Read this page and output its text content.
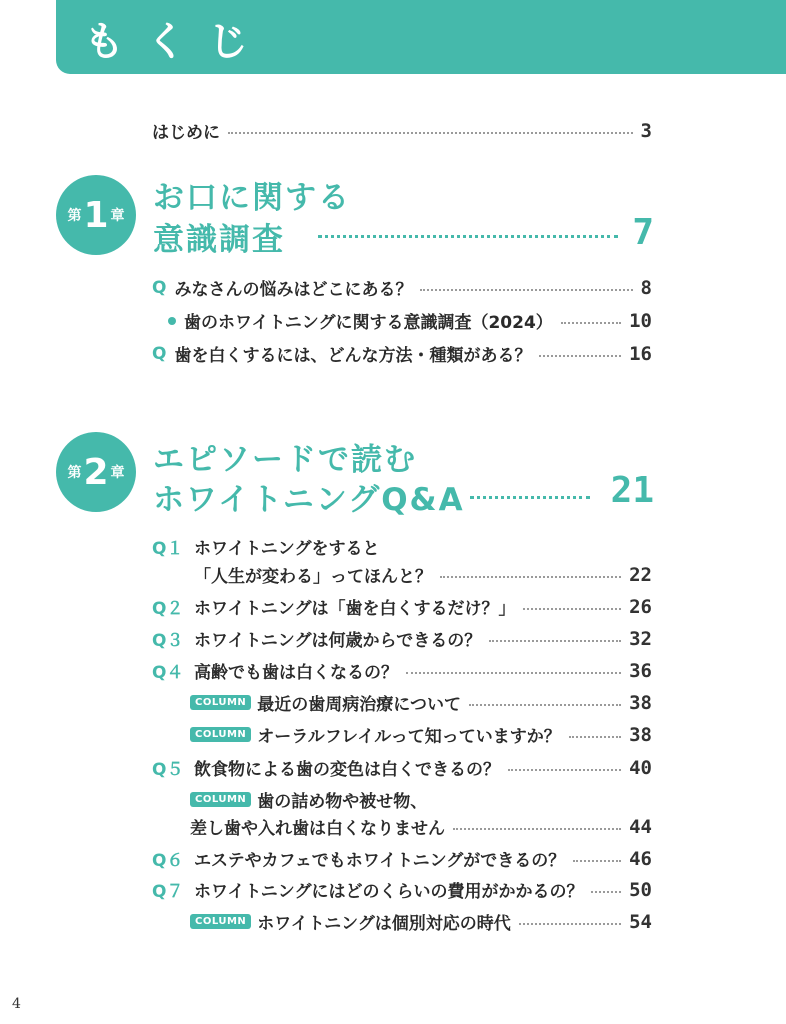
もくじ
はじめに	3
第 1 章 お口に関する
意識調査	7
Q みなさんの悩みはどこにある？	8
歯のホワイトニングに関する意識調査（2024）	10
Q 歯を白くするには、どんな方法・種類がある？	16
第 2 章 エピソードで読む
ホワイトニングQ&A	21
Q１ ホワイトニングをすると
「人生が変わる」ってほんと？	22
Q２ ホワイトニングは「歯を白くするだけ？」	26
Q３ ホワイトニングは何歳からできるの？	32
Q４ 高齢でも歯は白くなるの？	36
COLUMN 最近の歯周病治療について	38
COLUMN オーラルフレイルって知っていますか？	38
Q５ 飲食物による歯の変色は白くできるの？	40
COLUMN 歯の詰め物や被せ物、
差し歯や入れ歯は白くなりません	44
Q６ エステやカフェでもホワイトニングができるの？	46
Q７ ホワイトニングにはどのくらいの費用がかかるの？ 50
COLUMN ホワイトニングは個別対応の時代	54
4
